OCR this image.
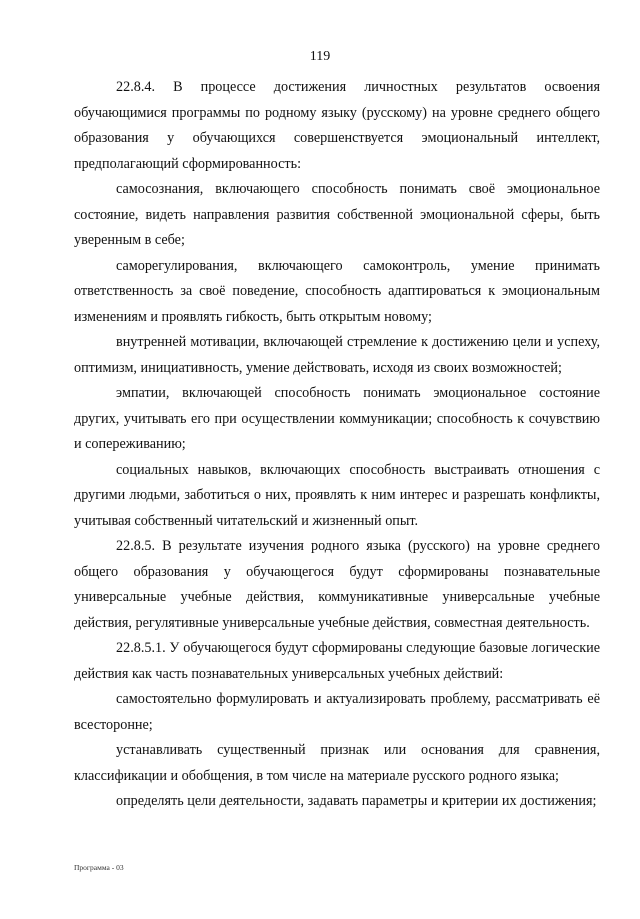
119

22.8.4. В процессе достижения личностных результатов освоения обучающимися программы по родному языку (русскому) на уровне среднего общего образования у обучающихся совершенствуется эмоциональный интеллект, предполагающий сформированность:

самосознания, включающего способность понимать своё эмоциональное состояние, видеть направления развития собственной эмоциональной сферы, быть уверенным в себе;

саморегулирования, включающего самоконтроль, умение принимать ответственность за своё поведение, способность адаптироваться к эмоциональным изменениям и проявлять гибкость, быть открытым новому;

внутренней мотивации, включающей стремление к достижению цели и успеху, оптимизм, инициативность, умение действовать, исходя из своих возможностей;

эмпатии, включающей способность понимать эмоциональное состояние других, учитывать его при осуществлении коммуникации; способность к сочувствию и сопереживанию;

социальных навыков, включающих способность выстраивать отношения с другими людьми, заботиться о них, проявлять к ним интерес и разрешать конфликты, учитывая собственный читательский и жизненный опыт.

22.8.5. В результате изучения родного языка (русского) на уровне среднего общего образования у обучающегося будут сформированы познавательные универсальные учебные действия, коммуникативные универсальные учебные действия, регулятивные универсальные учебные действия, совместная деятельность.

22.8.5.1. У обучающегося будут сформированы следующие базовые логические действия как часть познавательных универсальных учебных действий:

самостоятельно формулировать и актуализировать проблему, рассматривать её всесторонне;

устанавливать существенный признак или основания для сравнения, классификации и обобщения, в том числе на материале русского родного языка;

определять цели деятельности, задавать параметры и критерии их достижения;

Программа - 03
